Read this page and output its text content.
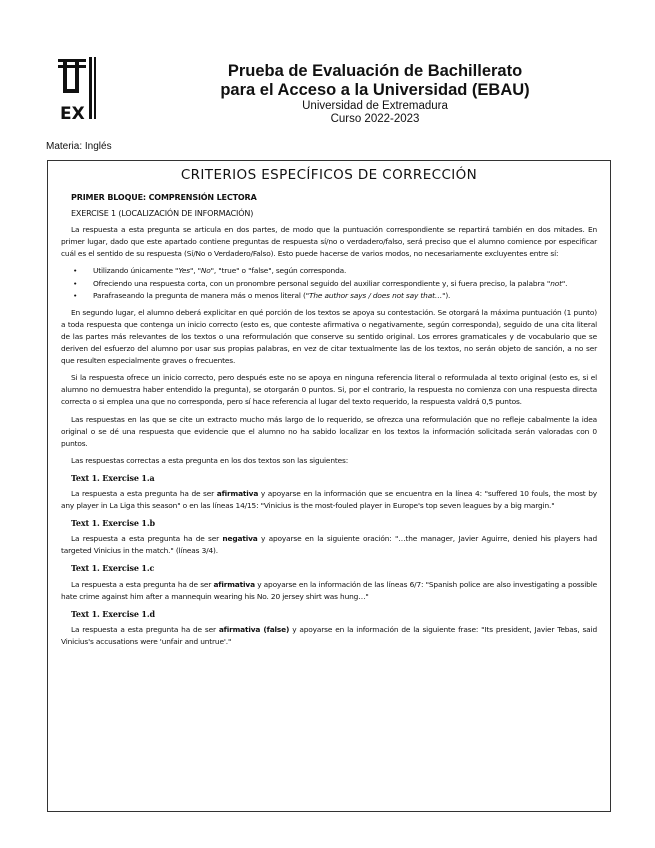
EX

Prueba de Evaluación de Bachillerato

para el Acceso a la Universidad (EBAU)

Universidad de Extremadura

Curso 2022-2023

Materia: Inglés
CRITERIOS ESPECÍFICOS DE CORRECCIÓN
PRIMER BLOQUE: COMPRENSIÓN LECTORA
EXERCISE 1 (LOCALIZACIÓN DE INFORMACIÓN)

La respuesta a esta pregunta se articula en dos partes, de modo que la puntuación correspondiente se repartirá también en dos mitades. En primer lugar, dado que este apartado contiene preguntas de respuesta sí/no o verdadero/falso, será preciso que el alumno comience por especificar cuál es el sentido de su respuesta (Sí/No o Verdadero/Falso). Esto puede hacerse de varios modos, no necesariamente excluyentes entre sí:

• Utilizando únicamente "Yes", "No", "true" o "false", según corresponda.
• Ofreciendo una respuesta corta, con un pronombre personal seguido del auxiliar correspondiente y, si fuera preciso, la palabra "not".
• Parafraseando la pregunta de manera más o menos literal ("The author says / does not say that…").

En segundo lugar, el alumno deberá explicitar en qué porción de los textos se apoya su contestación. Se otorgará la máxima puntuación (1 punto) a toda respuesta que contenga un inicio correcto (esto es, que conteste afirmativa o negativamente, según corresponda), seguido de una cita literal de las partes más relevantes de los textos o una reformulación que conserve su sentido original. Los errores gramaticales y de vocabulario que se deriven del esfuerzo del alumno por usar sus propias palabras, en vez de citar textualmente las de los textos, no serán objeto de sanción, a no ser que resulten especialmente graves o frecuentes.

Si la respuesta ofrece un inicio correcto, pero después este no se apoya en ninguna referencia literal o reformulada al texto original (esto es, si el alumno no demuestra haber entendido la pregunta), se otorgarán 0 puntos. Si, por el contrario, la respuesta no comienza con una respuesta directa correcta o si emplea una que no corresponda, pero sí hace referencia al lugar del texto requerido, la respuesta valdrá 0,5 puntos.

Las respuestas en las que se cite un extracto mucho más largo de lo requerido, se ofrezca una reformulación que no refleje cabalmente la idea original o se dé una respuesta que evidencie que el alumno no ha sabido localizar en los textos la información solicitada serán valoradas con 0 puntos.

Las respuestas correctas a esta pregunta en los dos textos son las siguientes:

Text 1. Exercise 1.a

La respuesta a esta pregunta ha de ser afirmativa y apoyarse en la información que se encuentra en la línea 4: "suffered 10 fouls, the most by any player in La Liga this season" o en las líneas 14/15: "Vinicius is the most-fouled player in Europe's top seven leagues by a big margin."

Text 1. Exercise 1.b

La respuesta a esta pregunta ha de ser negativa y apoyarse en la siguiente oración: "…the manager, Javier Aguirre, denied his players had targeted Vinicius in the match." (líneas 3/4).

Text 1. Exercise 1.c

La respuesta a esta pregunta ha de ser afirmativa y apoyarse en la información de las líneas 6/7: "Spanish police are also investigating a possible hate crime against him after a mannequin wearing his No. 20 jersey shirt was hung…"

Text 1. Exercise 1.d

La respuesta a esta pregunta ha de ser afirmativa (false) y apoyarse en la información de la siguiente frase: "Its president, Javier Tebas, said Vinicius's accusations were 'unfair and untrue'."
